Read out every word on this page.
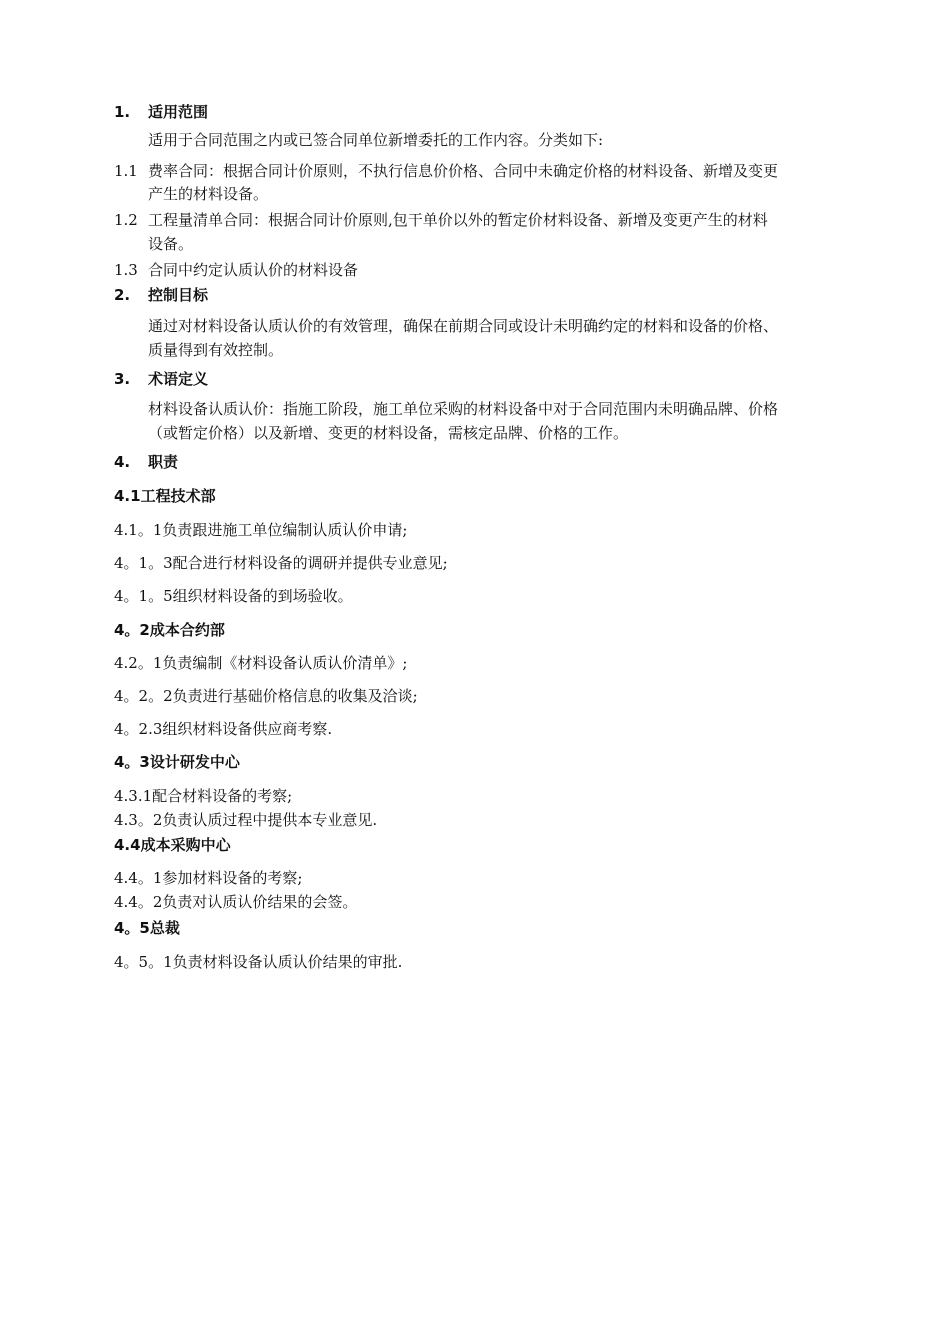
1. 适用范围
适用于合同范围之内或已签合同单位新增委托的工作内容。分类如下:
1.1 费率合同：根据合同计价原则，不执行信息价价格、合同中未确定价格的材料设备、新增及变更
产生的材料设备。
1.2 工程量清单合同：根据合同计价原则,包干单价以外的暂定价材料设备、新增及变更产生的材料
设备。
1.3 合同中约定认质认价的材料设备
2. 控制目标
通过对材料设备认质认价的有效管理，确保在前期合同或设计未明确约定的材料和设备的价格、
质量得到有效控制。
3. 术语定义
材料设备认质认价：指施工阶段，施工单位采购的材料设备中对于合同范围内未明确品牌、价格
（或暂定价格）以及新增、变更的材料设备，需核定品牌、价格的工作。
4. 职责
4.1工程技术部
4.1。1负责跟进施工单位编制认质认价申请;
4。1。3配合进行材料设备的调研并提供专业意见;
4。1。5组织材料设备的到场验收。
4。2成本合约部
4.2。1负责编制《材料设备认质认价清单》;
4。2。2负责进行基础价格信息的收集及洽谈;
4。2.3组织材料设备供应商考察.
4。3设计研发中心
4.3.1配合材料设备的考察;
4.3。2负责认质过程中提供本专业意见.
4.4成本采购中心
4.4。1参加材料设备的考察;
4.4。2负责对认质认价结果的会签。
4。5总裁
4。5。1负责材料设备认质认价结果的审批.
